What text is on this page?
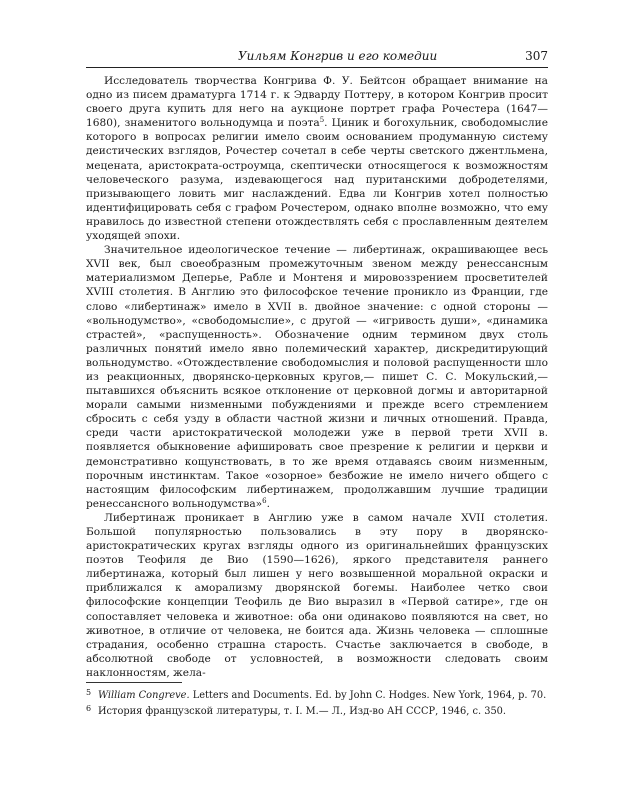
Уильям Конгрив и его комедии	307

Исследователь творчества Конгрива Ф. У. Бейтсон обращает внимание на одно из писем драматурга 1714 г. к Эдварду Поттеру, в котором Конгрив просит своего друга купить для него на аукционе портрет графа Рочестера (1647—1680), знаменитого вольнодумца и поэта$^5$. Циник и богохульник, свободомыслие которого в вопросах религии имело своим основанием продуманную систему деистических взглядов, Рочестер сочетал в себе черты светского джентльмена, мецената, аристократа-остроумца, скептически относящегося к возможностям человеческого разума, издевающегося над пуританскими добродетелями, призывающего ловить миг наслаждений. Едва ли Конгрив хотел полностью идентифицировать себя с графом Рочестером, однако вполне возможно, что ему нравилось до известной степени отождествлять себя с прославленным деятелем уходящей эпохи.

Значительное идеологическое течение — либертинаж, окрашивающее весь XVII век, был своеобразным промежуточным звеном между ренессансным материализмом Деперье, Рабле и Монтеня и мировоззрением просветителей XVIII столетия. В Англию это философское течение проникло из Франции, где слово «либертинаж» имело в XVII в. двойное значение: с одной стороны — «вольнодумство», «свободомыслие», с другой — «игривость души», «динамика страстей», «распущенность». Обозначение одним термином двух столь различных понятий имело явно полемический характер, дискредитирующий вольнодумство. «Отождествление свободомыслия и половой распущенности шло из реакционных, дворянско-церковных кругов,— пишет С. С. Мокульский,— пытавшихся объяснить всякое отклонение от церковной догмы и авторитарной морали самыми низменными побуждениями и прежде всего стремлением сбросить с себя узду в области частной жизни и личных отношений. Правда, среди части аристократической молодежи уже в первой трети XVII в. появляется обыкновение афишировать свое презрение к религии и церкви и демонстративно кощунствовать, в то же время отдаваясь своим низменным, порочным инстинктам. Такое «озорное» безбожие не имело ничего общего с настоящим философским либертинажем, продолжавшим лучшие традиции ренессансного вольнодумства»$^6$.

Либертинаж проникает в Англию уже в самом начале XVII столетия. Большой популярностью пользовались в эту пору в дворянско-аристократических кругах взгляды одного из оригинальнейших французских поэтов Теофиля де Вио (1590—1626), яркого представителя раннего либертинажа, который был лишен у него возвышенной моральной окраски и приближался к аморализму дворянской богемы. Наиболее четко свои философские концепции Теофиль де Вио выразил в «Первой сатире», где он сопоставляет человека и животное: оба они одинаково появляются на свет, но животное, в отличие от человека, не боится ада. Жизнь человека — сплошные страдания, особенно страшна старость. Счастье заключается в свободе, в абсолютной свободе от условностей, в возможности следовать своим наклонностям, жела-

5 William Congreve. Letters and Documents. Ed. by John C. Hodges. New York, 1964, p. 70.

6 История французской литературы, т. I. М.— Л., Изд-во АН СССР, 1946, с. 350.
